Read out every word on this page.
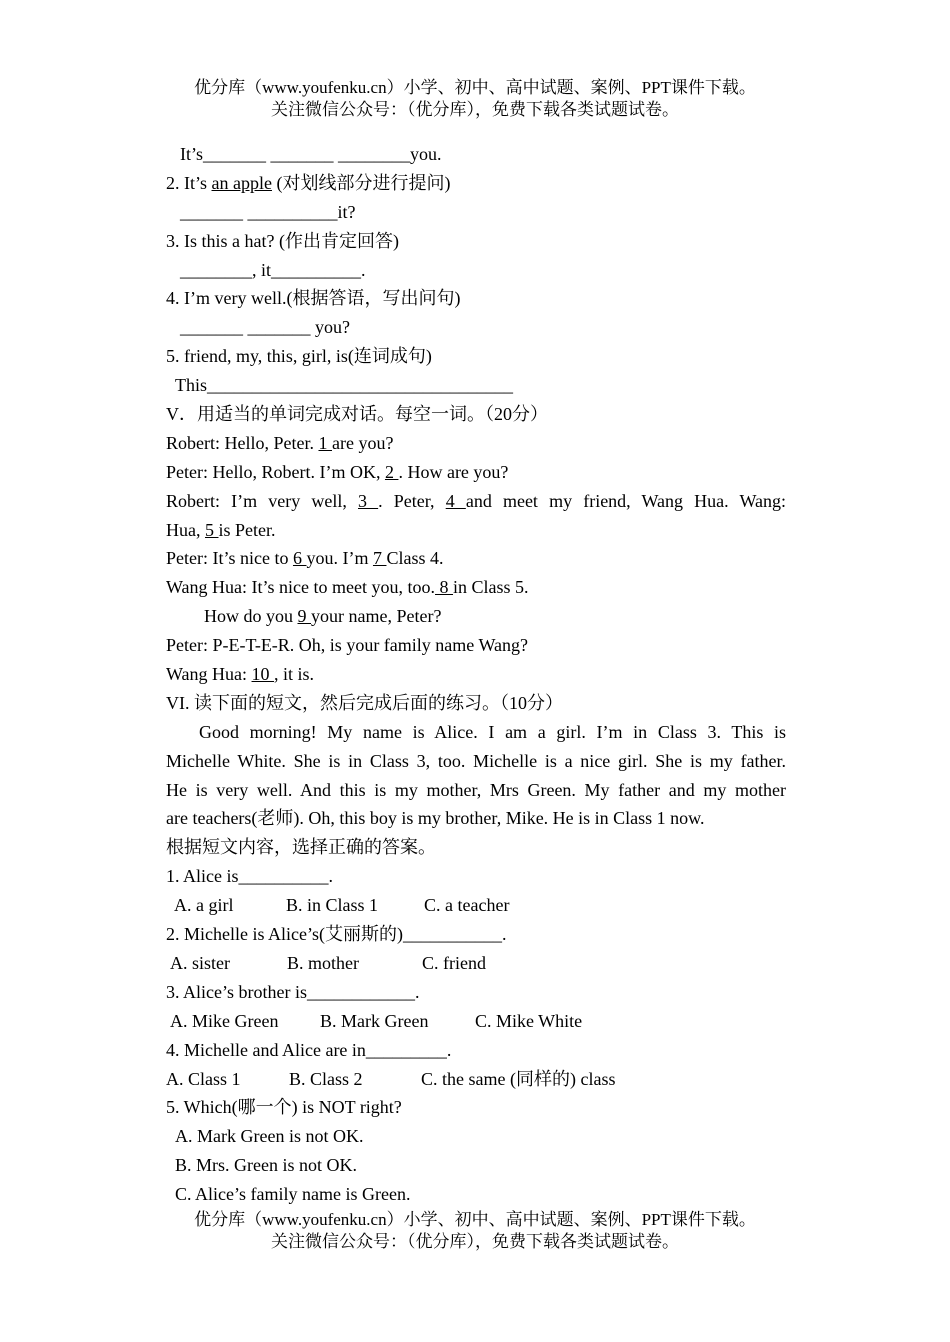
优分库（www.youfenku.cn）小学、初中、高中试题、案例、PPT课件下载。
关注微信公众号：（优分库），免费下载各类试题试卷。
It’s_______ _______ ________you.
2. It’s an apple (对划线部分进行提问)
_______ __________it?
3. Is this a hat? (作出肯定回答)
________, it__________.
4. I’m very well.(根据答语，写出问句)
_______ _______ you?
5. friend, my, this, girl, is(连词成句)
This__________________________________
V．用适当的单词完成对话。每空一词。（20分）
Robert: Hello, Peter. 1 are you?
Peter: Hello, Robert. I’m OK, 2 . How are you?
Robert: I’m very well, 3 . Peter, 4 and meet my friend, Wang Hua. Wang:
Hua, 5 is Peter.
Peter: It’s nice to 6 you. I’m 7 Class 4.
Wang Hua: It’s nice to meet you, too. 8 in Class 5.
How do you 9 your name, Peter?
Peter: P-E-T-E-R. Oh, is your family name Wang?
Wang Hua: 10 , it is.
VI. 读下面的短文，然后完成后面的练习。（10分）
Good morning! My name is Alice. I am a girl. I’m in Class 3. This is
Michelle White. She is in Class 3, too. Michelle is a nice girl. She is my father.
He is very well. And this is my mother, Mrs Green. My father and my mother
are teachers(老师). Oh, this boy is my brother, Mike. He is in Class 1 now.
根据短文内容，选择正确的答案。
1. Alice is__________.
A. a girl	B. in Class 1	C. a teacher
2. Michelle is Alice’s(艾丽斯的)___________.
A. sister	B. mother	C. friend
3. Alice’s brother is____________.
A. Mike Green B. Mark Green	C. Mike White
4. Michelle and Alice are in_________.
A. Class 1	B. Class 2	C. the same (同样的) class
5. Which(哪一个) is NOT right?
A. Mark Green is not OK.
B. Mrs. Green is not OK.
C. Alice’s family name is Green.
优分库（www.youfenku.cn）小学、初中、高中试题、案例、PPT课件下载。
关注微信公众号：（优分库），免费下载各类试题试卷。
